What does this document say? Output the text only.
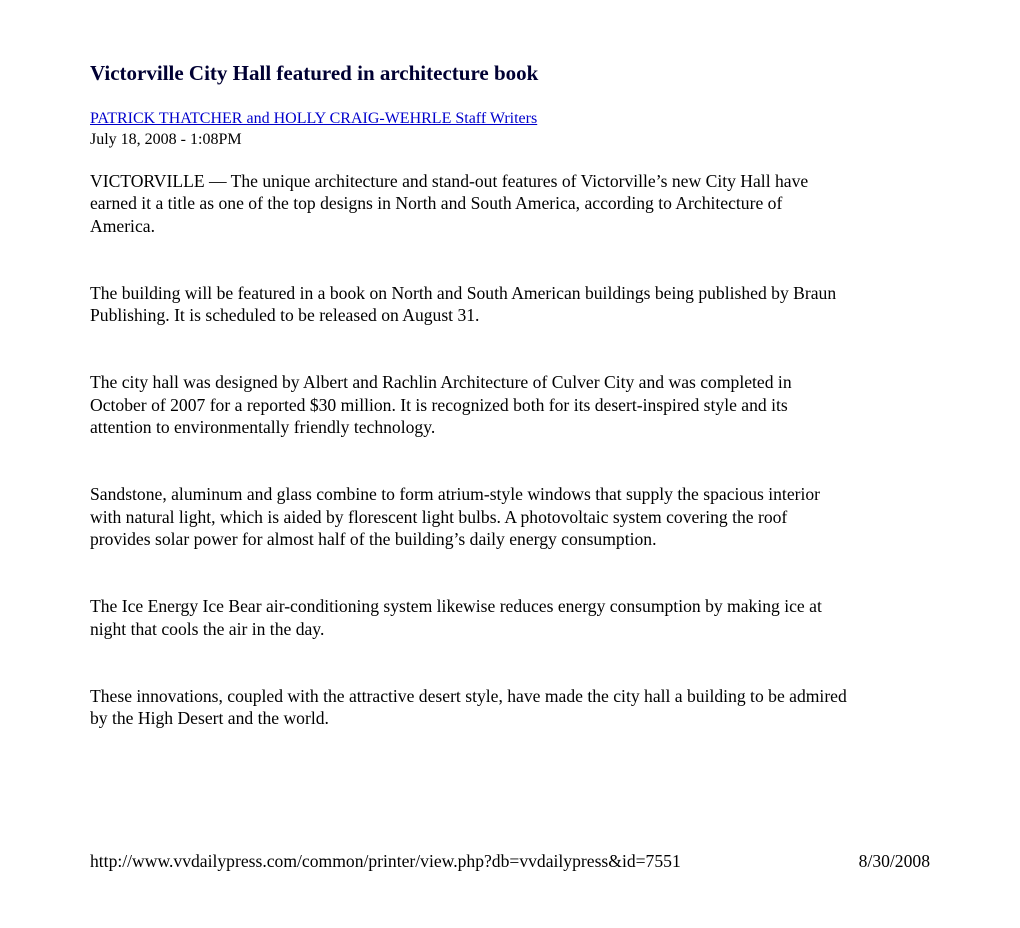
Victorville City Hall featured in architecture book
PATRICK THATCHER and HOLLY CRAIG-WEHRLE Staff Writers
July 18, 2008 - 1:08PM

VICTORVILLE — The unique architecture and stand-out features of Victorville’s new City Hall have earned it a title as one of the top designs in North and South America, according to Architecture of America.

The building will be featured in a book on North and South American buildings being published by Braun Publishing. It is scheduled to be released on August 31.

The city hall was designed by Albert and Rachlin Architecture of Culver City and was completed in October of 2007 for a reported $30 million. It is recognized both for its desert-inspired style and its attention to environmentally friendly technology.

Sandstone, aluminum and glass combine to form atrium-style windows that supply the spacious interior with natural light, which is aided by florescent light bulbs. A photovoltaic system covering the roof provides solar power for almost half of the building’s daily energy consumption.

The Ice Energy Ice Bear air-conditioning system likewise reduces energy consumption by making ice at night that cools the air in the day.

These innovations, coupled with the attractive desert style, have made the city hall a building to be admired by the High Desert and the world.

http://www.vvdailypress.com/common/printer/view.php?db=vvdailypress&id=7551	8/30/2008
